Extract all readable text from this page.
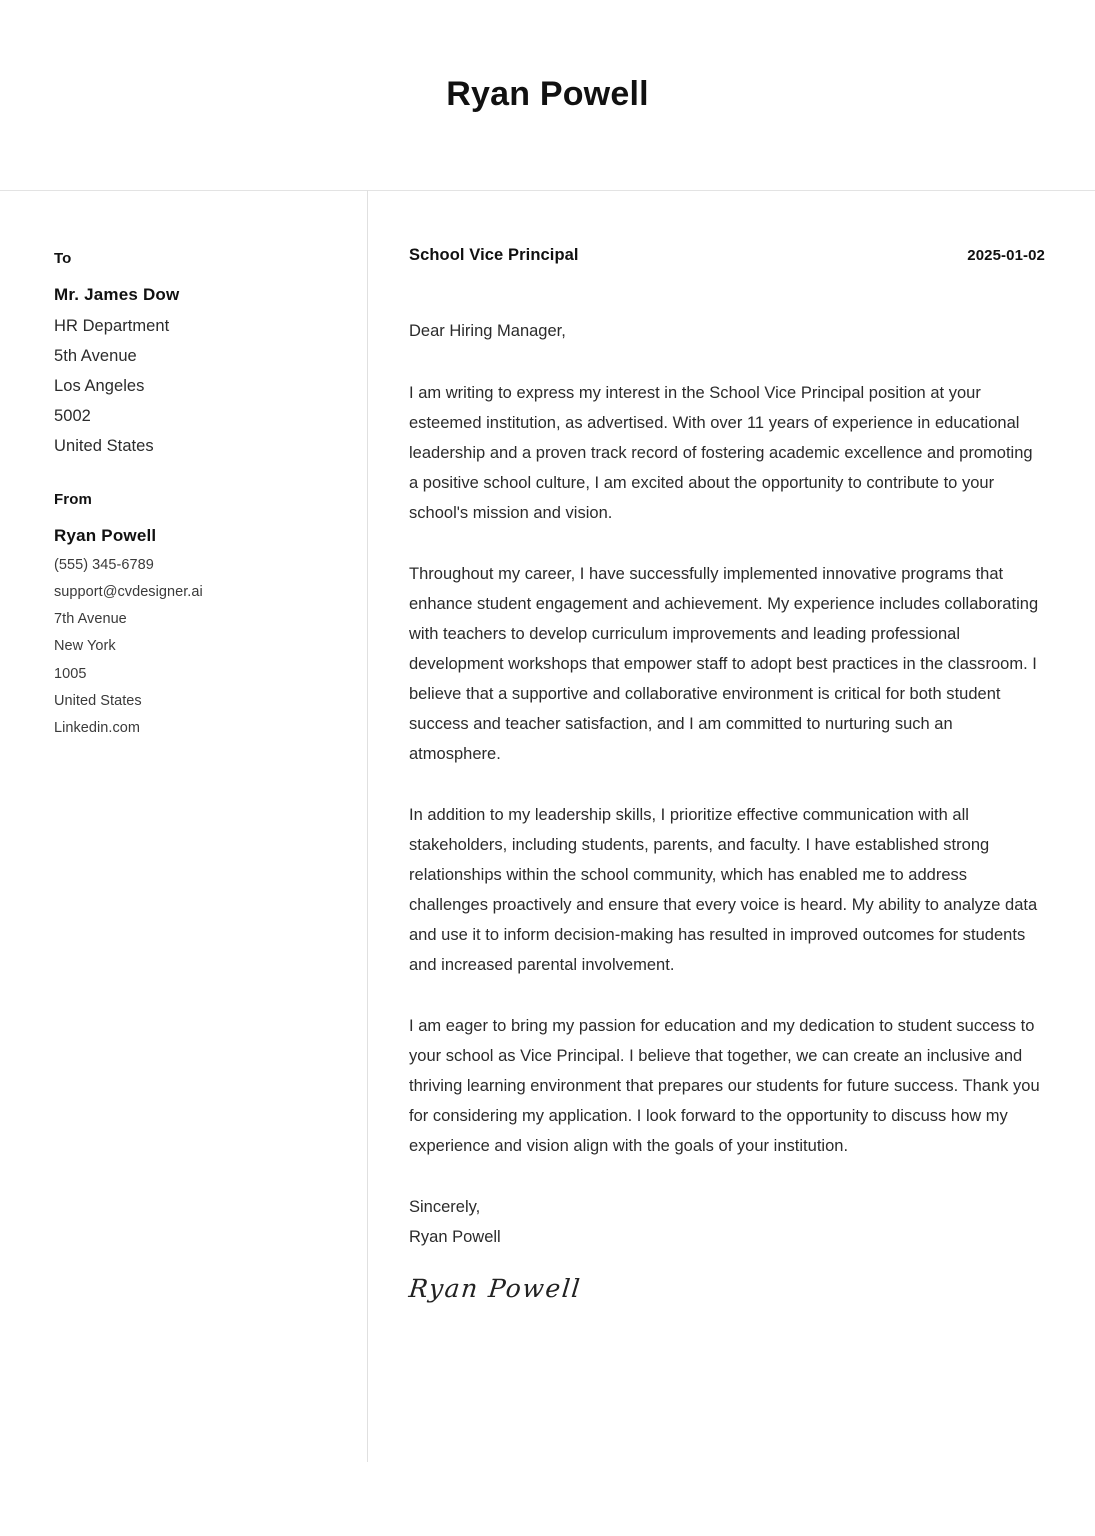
Ryan Powell
To
Mr. James Dow
HR Department
5th Avenue
Los Angeles
5002
United States
From
Ryan Powell
(555) 345-6789
support@cvdesigner.ai
7th Avenue
New York
1005
United States
Linkedin.com
School Vice Principal	2025-01-02
Dear Hiring Manager,

I am writing to express my interest in the School Vice Principal position at your esteemed institution, as advertised. With over 11 years of experience in educational leadership and a proven track record of fostering academic excellence and promoting a positive school culture, I am excited about the opportunity to contribute to your school's mission and vision.

Throughout my career, I have successfully implemented innovative programs that enhance student engagement and achievement. My experience includes collaborating with teachers to develop curriculum improvements and leading professional development workshops that empower staff to adopt best practices in the classroom. I believe that a supportive and collaborative environment is critical for both student success and teacher satisfaction, and I am committed to nurturing such an atmosphere.

In addition to my leadership skills, I prioritize effective communication with all stakeholders, including students, parents, and faculty. I have established strong relationships within the school community, which has enabled me to address challenges proactively and ensure that every voice is heard. My ability to analyze data and use it to inform decision-making has resulted in improved outcomes for students and increased parental involvement.

I am eager to bring my passion for education and my dedication to student success to your school as Vice Principal. I believe that together, we can create an inclusive and thriving learning environment that prepares our students for future success. Thank you for considering my application. I look forward to the opportunity to discuss how my experience and vision align with the goals of your institution.

Sincerely,
Ryan Powell
Ryan Powell
